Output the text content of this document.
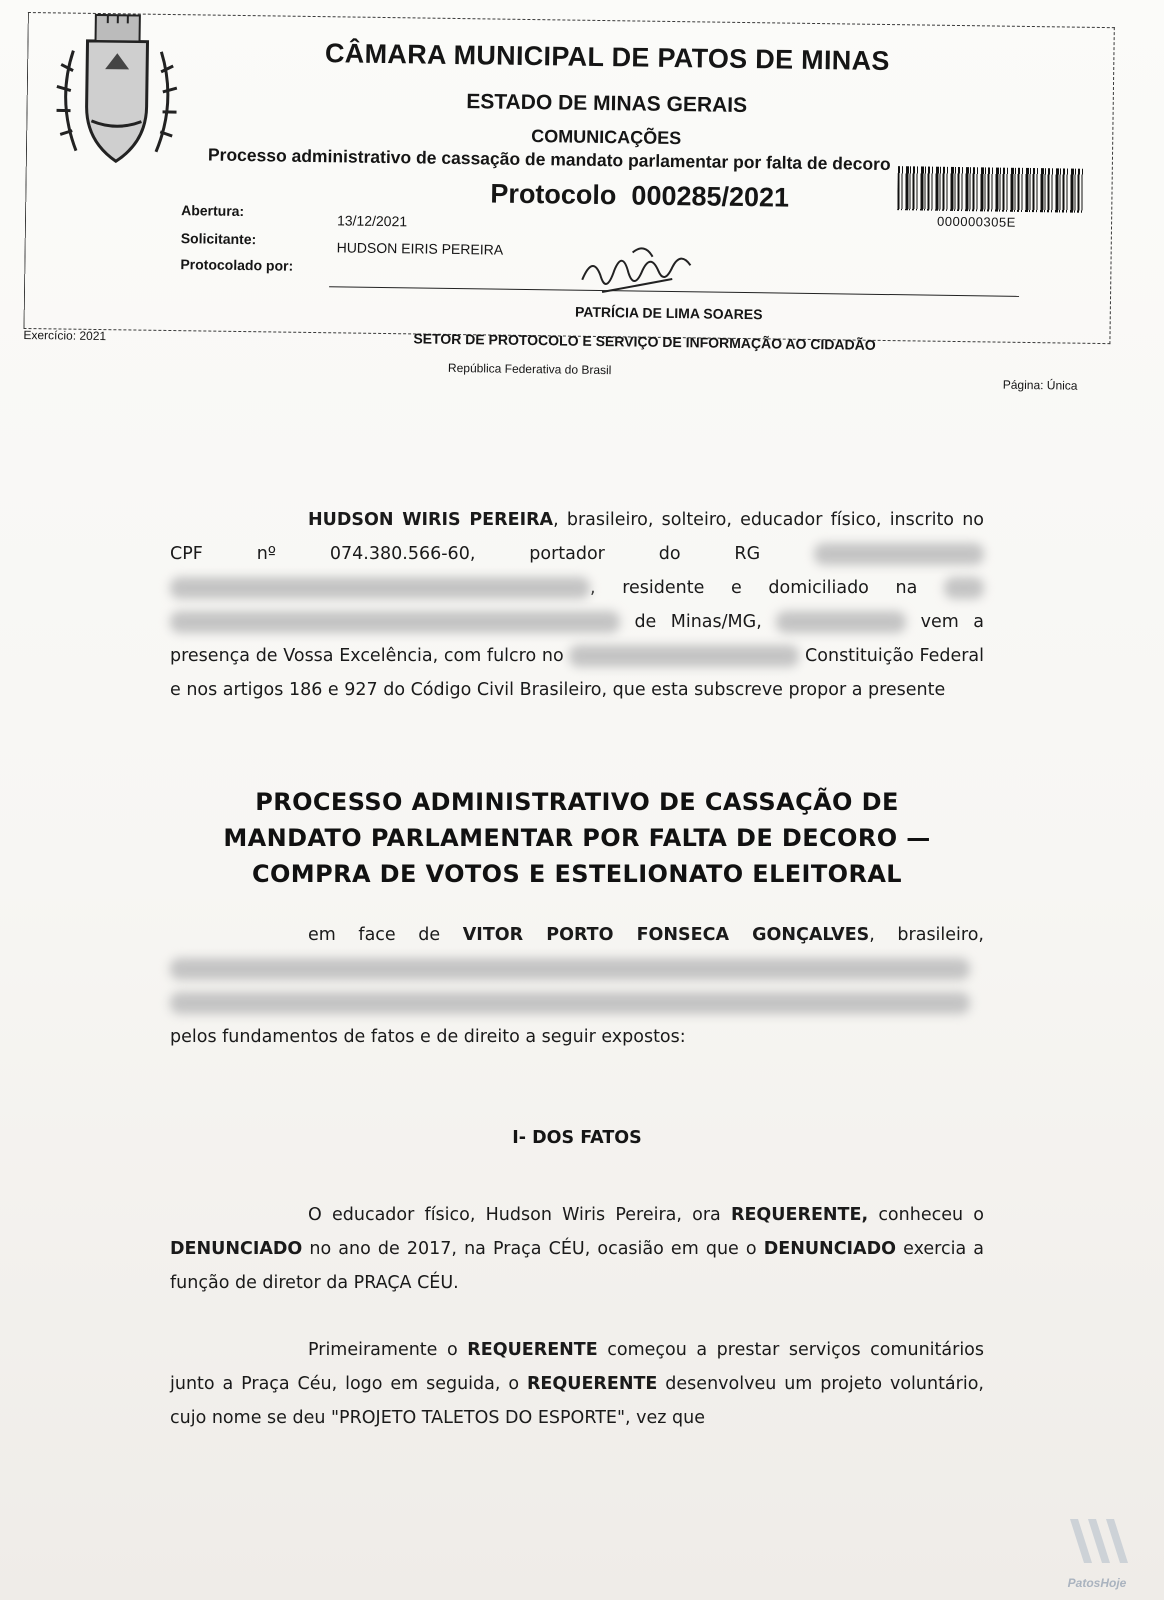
CÂMARA MUNICIPAL DE PATOS DE MINAS
ESTADO DE MINAS GERAIS
COMUNICAÇÕES
Processo administrativo de cassação de mandato parlamentar por falta de decoro
Protocolo 000285/2021
000000305E
Abertura:
13/12/2021
Solicitante:
HUDSON EIRIS PEREIRA
Protocolado por:
PATRÍCIA DE LIMA SOARES
SETOR DE PROTOCOLO E SERVIÇO DE INFORMAÇÃO AO CIDADÃO
Exercício: 2021
República Federativa do Brasil
Página: Única

HUDSON WIRIS PEREIRA, brasileiro, solteiro, educador físico, inscrito no CPF nº 074.380.566-60, portador do RG  , residente e domiciliado na   de Minas/MG,	vem a presença de Vossa Excelência, com fulcro no	Constituição Federal e nos artigos 186 e 927 do Código Civil Brasileiro, que esta subscreve propor a presente

PROCESSO ADMINISTRATIVO DE CASSAÇÃO DE
MANDATO PARLAMENTAR POR FALTA DE DECORO —
COMPRA DE VOTOS E ESTELIONATO ELEITORAL

em face de VITOR PORTO FONSECA GONÇALVES, brasileiro,   pelos fundamentos de fatos e de direito a seguir expostos:

I- DOS FATOS

O educador físico, Hudson Wiris Pereira, ora REQUERENTE, conheceu o DENUNCIADO no ano de 2017, na Praça CÉU, ocasião em que o DENUNCIADO exercia a função de diretor da PRAÇA CÉU.

Primeiramente o REQUERENTE começou a prestar serviços comunitários junto a Praça Céu, logo em seguida, o REQUERENTE desenvolveu um projeto voluntário, cujo nome se deu "PROJETO TALETOS DO ESPORTE", vez que

PatosHoje
